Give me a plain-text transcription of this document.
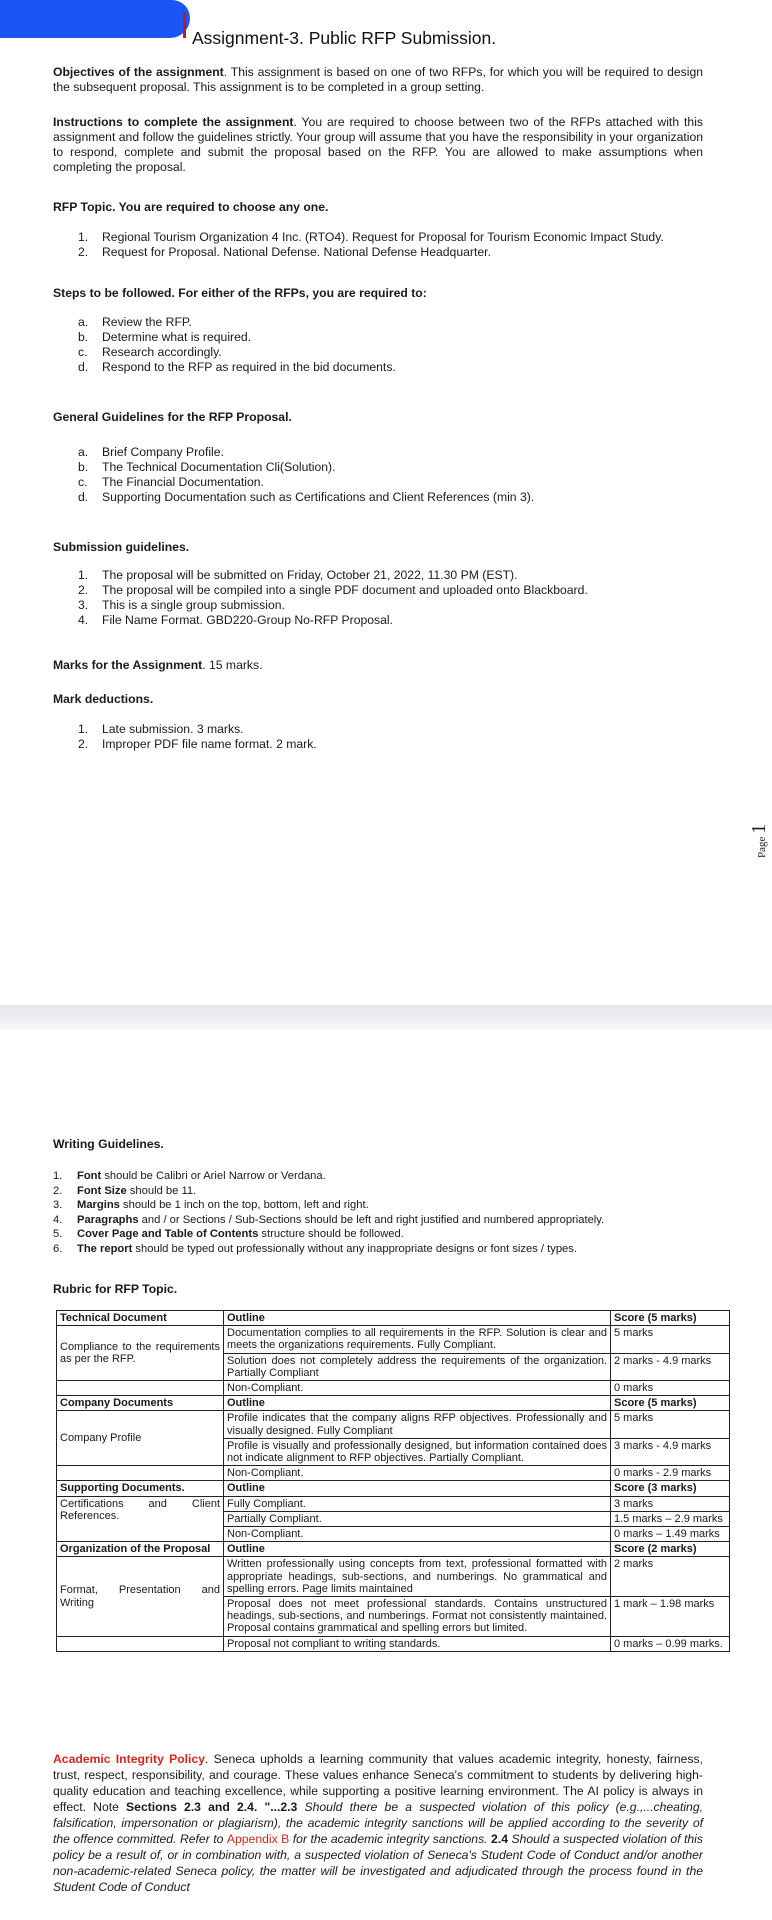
Assignment-3. Public RFP Submission.
Objectives of the assignment. This assignment is based on one of two RFPs, for which you will be required to design the subsequent proposal. This assignment is to be completed in a group setting.
Instructions to complete the assignment. You are required to choose between two of the RFPs attached with this assignment and follow the guidelines strictly. Your group will assume that you have the responsibility in your organization to respond, complete and submit the proposal based on the RFP. You are allowed to make assumptions when completing the proposal.
RFP Topic. You are required to choose any one.
1. Regional Tourism Organization 4 Inc. (RTO4). Request for Proposal for Tourism Economic Impact Study.
2. Request for Proposal. National Defense. National Defense Headquarter.
Steps to be followed. For either of the RFPs, you are required to:
a. Review the RFP.
b. Determine what is required.
c. Research accordingly.
d. Respond to the RFP as required in the bid documents.
General Guidelines for the RFP Proposal.
a. Brief Company Profile.
b. The Technical Documentation Cli(Solution).
c. The Financial Documentation.
d. Supporting Documentation such as Certifications and Client References (min 3).
Submission guidelines.
1. The proposal will be submitted on Friday, October 21, 2022, 11.30 PM (EST).
2. The proposal will be compiled into a single PDF document and uploaded onto Blackboard.
3. This is a single group submission.
4. File Name Format. GBD220-Group No-RFP Proposal.
Marks for the Assignment. 15 marks.
Mark deductions.
1. Late submission. 3 marks.
2. Improper PDF file name format. 2 mark.
Page 1
Writing Guidelines.
1. Font should be Calibri or Ariel Narrow or Verdana.
2. Font Size should be 11.
3. Margins should be 1 inch on the top, bottom, left and right.
4. Paragraphs and / or Sections / Sub-Sections should be left and right justified and numbered appropriately.
5. Cover Page and Table of Contents structure should be followed.
6. The report should be typed out professionally without any inappropriate designs or font sizes / types.
Rubric for RFP Topic.
Technical Document	Outline	Score (5 marks)
Compliance to the requirements as per the RFP.	Documentation complies to all requirements in the RFP. Solution is clear and meets the organizations requirements. Fully Compliant.	5 marks
	Solution does not completely address the requirements of the organization. Partially Compliant	2 marks - 4.9 marks
	Non-Compliant.	0 marks
Company Documents	Outline	Score (5 marks)
Company Profile	Profile indicates that the company aligns RFP objectives. Professionally and visually designed. Fully Compliant	5 marks
	Profile is visually and professionally designed, but information contained does not indicate alignment to RFP objectives. Partially Compliant.	3 marks - 4.9 marks
	Non-Compliant.	0 marks - 2.9 marks
Supporting Documents.	Outline	Score (3 marks)
Certifications and Client References.	Fully Compliant.	3 marks
	Partially Compliant.	1.5 marks – 2.9 marks
	Non-Compliant.	0 marks – 1.49 marks
Organization of the Proposal	Outline	Score (2 marks)
Format, Presentation and Writing	Written professionally using concepts from text, professional formatted with appropriate headings, sub-sections, and numberings. No grammatical and spelling errors. Page limits maintained	2 marks
	Proposal does not meet professional standards. Contains unstructured headings, sub-sections, and numberings. Format not consistently maintained. Proposal contains grammatical and spelling errors but limited.	1 mark – 1.98 marks
	Proposal not compliant to writing standards.	0 marks – 0.99 marks.
Academic Integrity Policy. Seneca upholds a learning community that values academic integrity, honesty, fairness, trust, respect, responsibility, and courage. These values enhance Seneca's commitment to students by delivering high-quality education and teaching excellence, while supporting a positive learning environment. The AI policy is always in effect. Note Sections 2.3 and 2.4. "...2.3 Should there be a suspected violation of this policy (e.g.,...cheating, falsification, impersonation or plagiarism), the academic integrity sanctions will be applied according to the severity of the offence committed. Refer to Appendix B for the academic integrity sanctions. 2.4 Should a suspected violation of this policy be a result of, or in combination with, a suspected violation of Seneca's Student Code of Conduct and/or another non-academic-related Seneca policy, the matter will be investigated and adjudicated through the process found in the Student Code of Conduct
